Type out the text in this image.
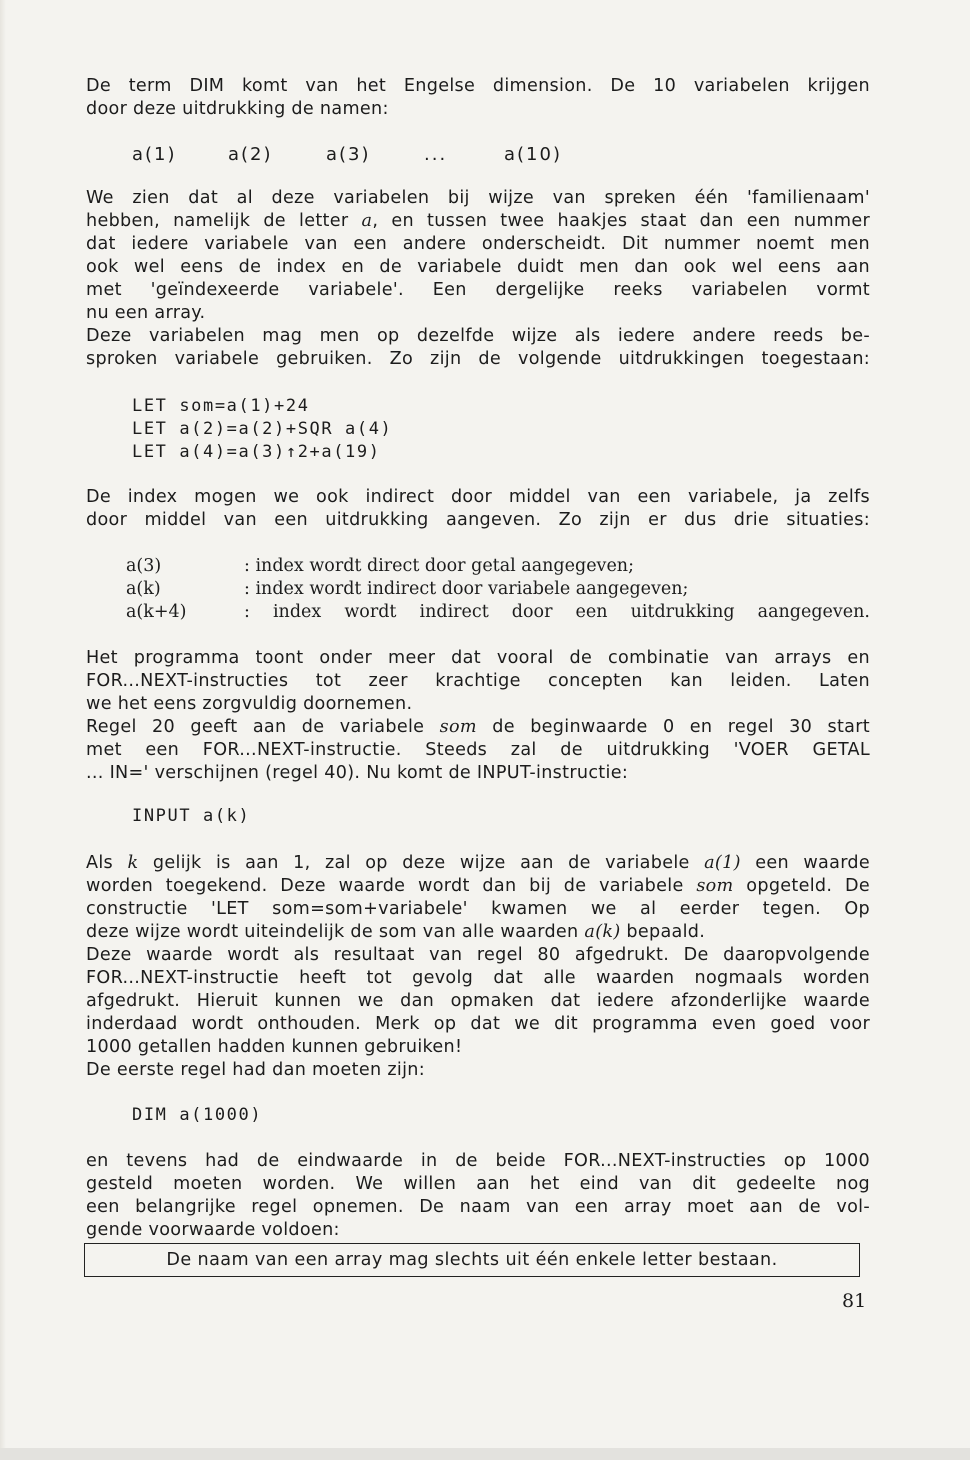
De term DIM komt van het Engelse dimension. De 10 variabelen krijgen
door deze uitdrukking de namen:
a(1)	a(2)	a(3)	...	a(10)
We zien dat al deze variabelen bij wijze van spreken één 'familienaam'
hebben, namelijk de letter a, en tussen twee haakjes staat dan een nummer
dat iedere variabele van een andere onderscheidt. Dit nummer noemt men
ook wel eens de index en de variabele duidt men dan ook wel eens aan
met 'geïndexeerde variabele'. Een dergelijke reeks variabelen vormt
nu een array.
Deze variabelen mag men op dezelfde wijze als iedere andere reeds be-
sproken variabele gebruiken. Zo zijn de volgende uitdrukkingen toegestaan:
LET som=a(1)+24
LET a(2)=a(2)+SQR a(4)
LET a(4)=a(3)↑2+a(19)
De index mogen we ook indirect door middel van een variabele, ja zelfs
door middel van een uitdrukking aangeven. Zo zijn er dus drie situaties:
a(3)	: index wordt direct door getal aangegeven;
a(k)	: index wordt indirect door variabele aangegeven;
a(k+4)	: index wordt indirect door een uitdrukking aangegeven.
Het programma toont onder meer dat vooral de combinatie van arrays en
FOR...NEXT-instructies tot zeer krachtige concepten kan leiden. Laten
we het eens zorgvuldig doornemen.
Regel 20 geeft aan de variabele som de beginwaarde 0 en regel 30 start
met een FOR...NEXT-instructie. Steeds zal de uitdrukking 'VOER GETAL
... IN=' verschijnen (regel 40). Nu komt de INPUT-instructie:
INPUT a(k)
Als k gelijk is aan 1, zal op deze wijze aan de variabele a(1) een waarde
worden toegekend. Deze waarde wordt dan bij de variabele som opgeteld. De
constructie 'LET som=som+variabele' kwamen we al eerder tegen. Op
deze wijze wordt uiteindelijk de som van alle waarden a(k) bepaald.
Deze waarde wordt als resultaat van regel 80 afgedrukt. De daaropvolgende
FOR...NEXT-instructie heeft tot gevolg dat alle waarden nogmaals worden
afgedrukt. Hieruit kunnen we dan opmaken dat iedere afzonderlijke waarde
inderdaad wordt onthouden. Merk op dat we dit programma even goed voor
1000 getallen hadden kunnen gebruiken!
De eerste regel had dan moeten zijn:
DIM a(1000)
en tevens had de eindwaarde in de beide FOR...NEXT-instructies op 1000
gesteld moeten worden. We willen aan het eind van dit gedeelte nog
een belangrijke regel opnemen. De naam van een array moet aan de vol-
gende voorwaarde voldoen:
De naam van een array mag slechts uit één enkele letter bestaan.
81
